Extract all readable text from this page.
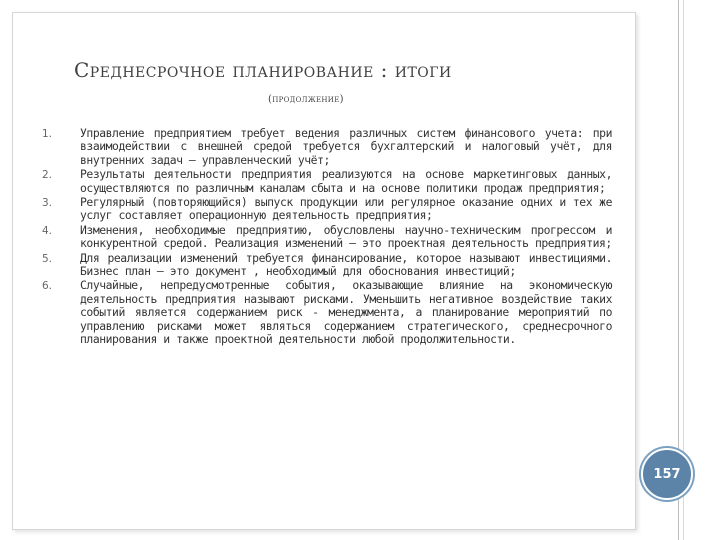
Среднесрочное планирование : итоги
(продолжение)
1. Управление предприятием требует ведения различных систем финансового учета: при взаимодействии с внешней средой требуется бухгалтерский и налоговый учёт, для внутренних задач – управленческий учёт;
2. Результаты деятельности предприятия реализуются на основе маркетинговых данных, осуществляются по различным каналам сбыта и на основе политики продаж предприятия;
3. Регулярный (повторяющийся) выпуск продукции или регулярное оказание одних и тех же услуг составляет операционную деятельность предприятия;
4. Изменения, необходимые предприятию, обусловлены научно-техническим прогрессом и конкурентной средой. Реализация изменений – это проектная деятельность предприятия;
5. Для реализации изменений требуется финансирование, которое называют инвестициями. Бизнес план – это документ , необходимый для обоснования инвестиций;
6. Случайные, непредусмотренные события, оказывающие влияние на экономическую деятельность предприятия называют рисками. Уменьшить негативное воздействие таких событий является содержанием риск - менеджмента, а планирование мероприятий по управлению рисками может являться содержанием стратегического, среднесрочного планирования и также проектной деятельности любой продолжительности.
157
